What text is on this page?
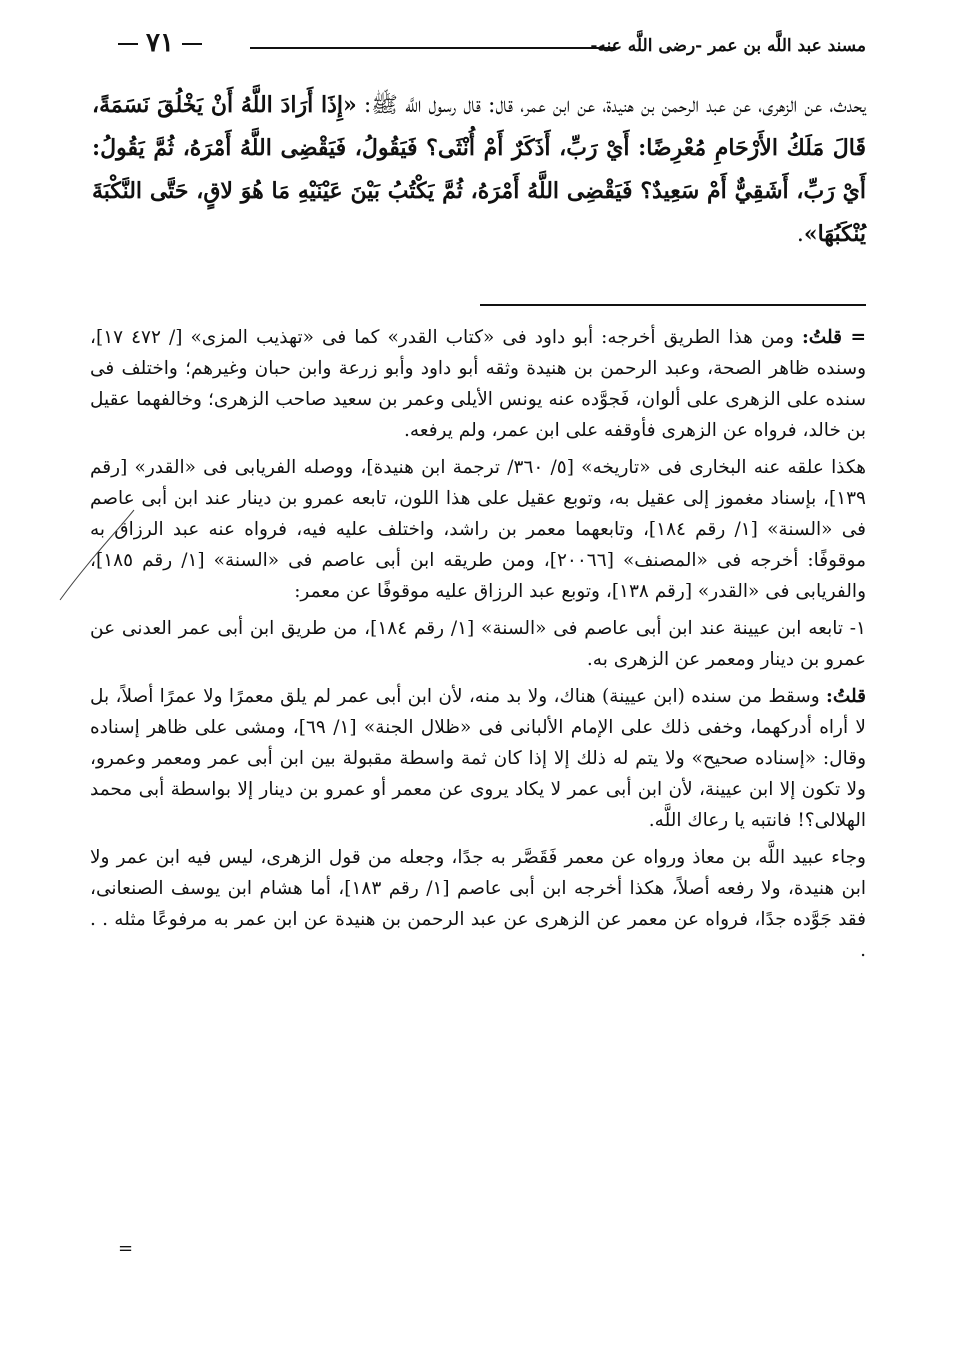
مسند عبد اللَّه بن عمر -رضى اللَّه عنه-
٧١
يحدث، عن الزهرى، عن عبد الرحمن بن هنيدة، عن ابن عمر، قال: قال رسول اللَّه ﷺ: «إِذَا أَرَادَ اللَّهُ أَنْ يَخْلُقَ نَسَمَةً، قَالَ مَلَكُ الأَرْحَامِ مُعْرِضًا: أَيْ رَبِّ، أَذَكَرٌ أَمْ أُنْثَى؟ فَيَقُولُ، فَيَقْضِى اللَّهُ أَمْرَهُ، ثُمَّ يَقُولُ: أَيْ رَبِّ، أَشَقِيٌّ أَمْ سَعِيدٌ؟ فَيَقْضِى اللَّهُ أَمْرَهُ، ثُمَّ يَكْتُبُ بَيْنَ عَيْنَيْهِ مَا هُوَ لاقٍ، حَتَّى النَّكْبَةَ يُنْكَبُهَا».

= قلتُ: ومن هذا الطريق أخرجه: أبو داود فى «كتاب القدر» كما فى «تهذيب المزى» [/ ٤٧٢ ١٧]، وسنده ظاهر الصحة، وعبد الرحمن بن هنيدة وثقه أبو داود وأبو زرعة وابن حبان وغيرهم؛ واختلف فى سنده على الزهرى على ألوان، فَجوَّده عنه يونس الأيلى وعمر بن سعيد صاحب الزهرى؛ وخالفهما عقيل بن خالد، فرواه عن الزهرى فأوقفه على ابن عمر، ولم يرفعه.

هكذا علقه عنه البخارى فى «تاريخه» [٥/ ٣٦٠/ ترجمة ابن هنيدة]، ووصله الفريابى فى «القدر» [رقم ١٣٩]، بإسناد مغموز إلى عقيل به، وتوبع عقيل على هذا اللون، تابعه عمرو بن دينار عند ابن أبى عاصم فى «السنة» [١/ رقم ١٨٤]، وتابعهما معمر بن راشد، واختلف عليه فيه، فرواه عنه عبد الرزاق به موقوفًا: أخرجه فى «المصنف» [٢٠٠٦٦]، ومن طريقه ابن أبى عاصم فى «السنة» [١/ رقم ١٨٥]، والفريابى فى «القدر» [رقم ١٣٨]، وتوبع عبد الرزاق عليه موقوفًا عن معمر:

١- تابعه ابن عيينة عند ابن أبى عاصم فى «السنة» [١/ رقم ١٨٤]، من طريق ابن أبى عمر العدنى عن عمرو بن دينار ومعمر عن الزهرى به.

قلتُ: وسقط من سنده (ابن عيينة) هناك، ولا بد منه، لأن ابن أبى عمر لم يلق معمرًا ولا عمرًا أصلاً، بل لا أراه أدركهما، وخفى ذلك على الإمام الألبانى فى «ظلال الجنة» [١/ ٦٩]، ومشى على ظاهر إسناده وقال: «إسناده صحيح» ولا يتم له ذلك إلا إذا كان ثمة واسطة مقبولة بين ابن أبى عمر ومعمر وعمرو، ولا تكون إلا ابن عيينة، لأن ابن أبى عمر لا يكاد يروى عن معمر أو عمرو بن دينار إلا بواسطة أبى محمد الهلالى؟! فانتبه يا رعاك اللَّه.

وجاء عبيد اللَّه بن معاذ ورواه عن معمر فَقَصَّر به جدًا، وجعله من قول الزهرى، ليس فيه ابن عمر ولا ابن هنيدة، ولا رفعه أصلاً، هكذا أخرجه ابن أبى عاصم [١/ رقم ١٨٣]، أما هشام ابن يوسف الصنعانى، فقد جَوَّده جدًا، فرواه عن معمر عن الزهرى عن عبد الرحمن بن هنيدة عن ابن عمر به مرفوعًا مثله . . .

=
